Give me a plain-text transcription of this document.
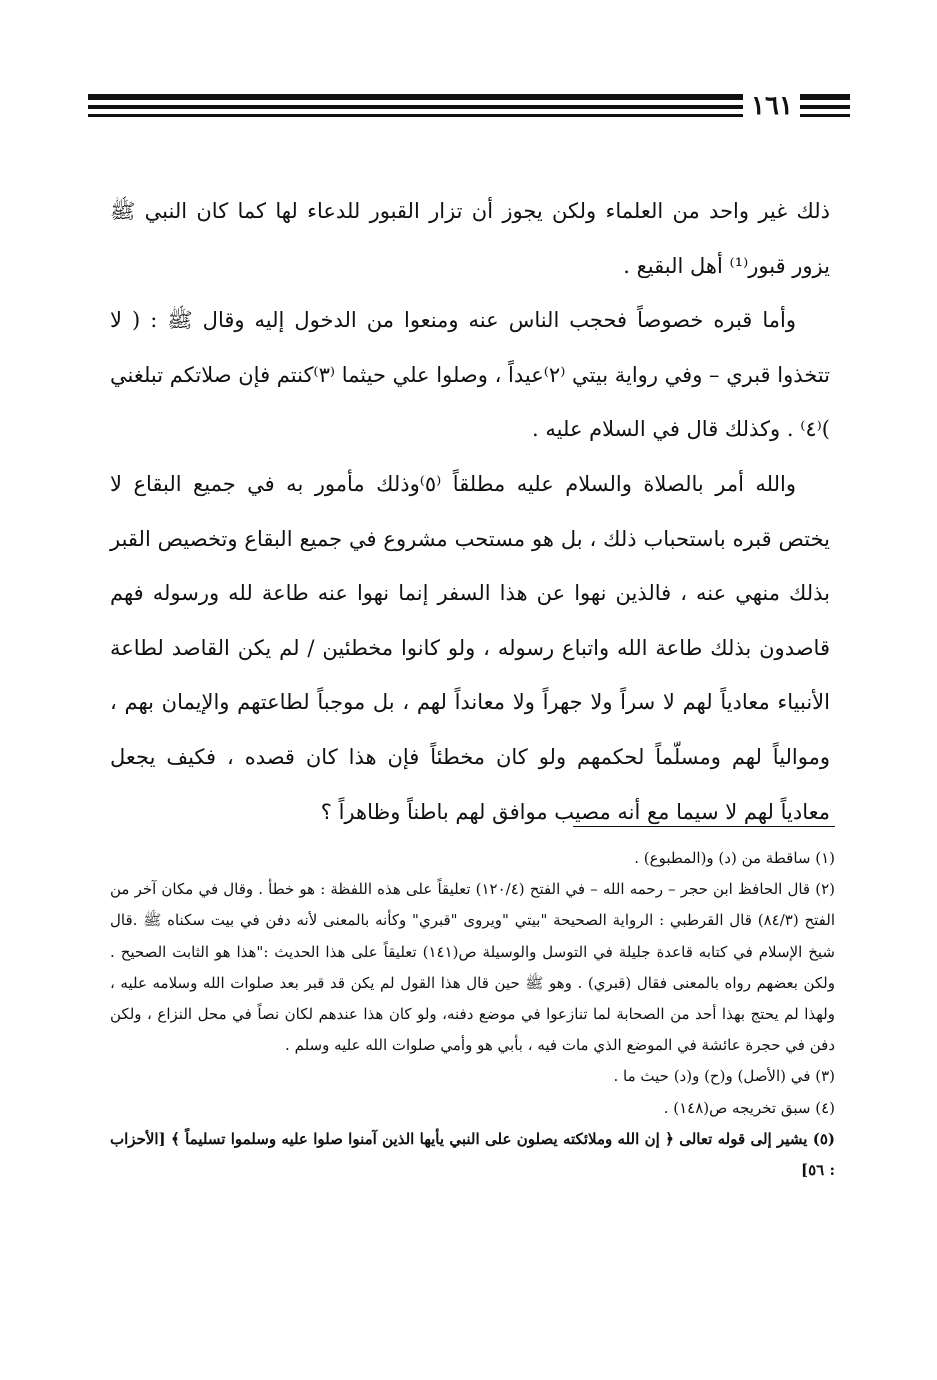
١٦١

ذلك غير واحد من العلماء ولكن يجوز أن تزار القبور للدعاء لها كما كان النبي ﷺ يزور قبور⁽¹⁾ أهل البقيع .

وأما قبره خصوصاً فحجب الناس عنه ومنعوا من الدخول إليه وقال ﷺ : ( لا تتخذوا قبري – وفي رواية بيتي ⁽٢⁾عيداً ، وصلوا علي حيثما ⁽٣⁾كنتم فإن صلاتكم تبلغني )⁽٤⁾ . وكذلك قال في السلام عليه .

والله أمر بالصلاة والسلام عليه مطلقاً ⁽٥⁾وذلك مأمور به في جميع البقاع لا يختص قبره باستحباب ذلك ، بل هو مستحب مشروع في جميع البقاع وتخصيص القبر بذلك منهي عنه ، فالذين نهوا عن هذا السفر إنما نهوا عنه طاعة لله ورسوله فهم قاصدون بذلك طاعة الله واتباع رسوله ، ولو كانوا مخطئين / لم يكن القاصد لطاعة الأنبياء معادياً لهم لا سراً ولا جهراً ولا معانداً لهم ، بل موجباً لطاعتهم والإيمان بهم ، وموالياً لهم ومسلّماً لحكمهم ولو كان مخطئاً فإن هذا كان قصده ، فكيف يجعل معادياً لهم لا سيما مع أنه مصيب موافق لهم باطناً وظاهراً ؟

(١) ساقطة من (د) و(المطبوع) .

(٢) قال الحافظ ابن حجر – رحمه الله – في الفتح (١٢٠/٤) تعليقاً على هذه اللفظة : هو خطأ . وقال في مكان آخر من الفتح (٨٤/٣) قال القرطبي : الرواية الصحيحة "بيتي "ويروى "قبري" وكأنه بالمعنى لأنه دفن في بيت سكناه ﷺ .قال شيخ الإسلام في كتابه قاعدة جليلة في التوسل والوسيلة ص(١٤١) تعليقاً على هذا الحديث :"هذا هو الثابت الصحيح . ولكن بعضهم رواه بالمعنى فقال (قبري) . وهو ﷺ حين قال هذا القول لم يكن قد قبر بعد صلوات الله وسلامه عليه ، ولهذا لم يحتج بهذا أحد من الصحابة لما تنازعوا في موضع دفنه، ولو كان هذا عندهم لكان نصاً في محل النزاع ، ولكن دفن في حجرة عائشة في الموضع الذي مات فيه ، بأبي هو وأمي صلوات الله عليه وسلم .

(٣) في (الأصل) و(ح) و(د) حيث ما .

(٤) سبق تخريجه ص(١٤٨) .

(٥) يشير إلى قوله تعالى ﴿ إن الله وملائكته يصلون على النبي يأيها الذين آمنوا صلوا عليه وسلموا تسليماً ﴾ [الأحزاب : ٥٦]
